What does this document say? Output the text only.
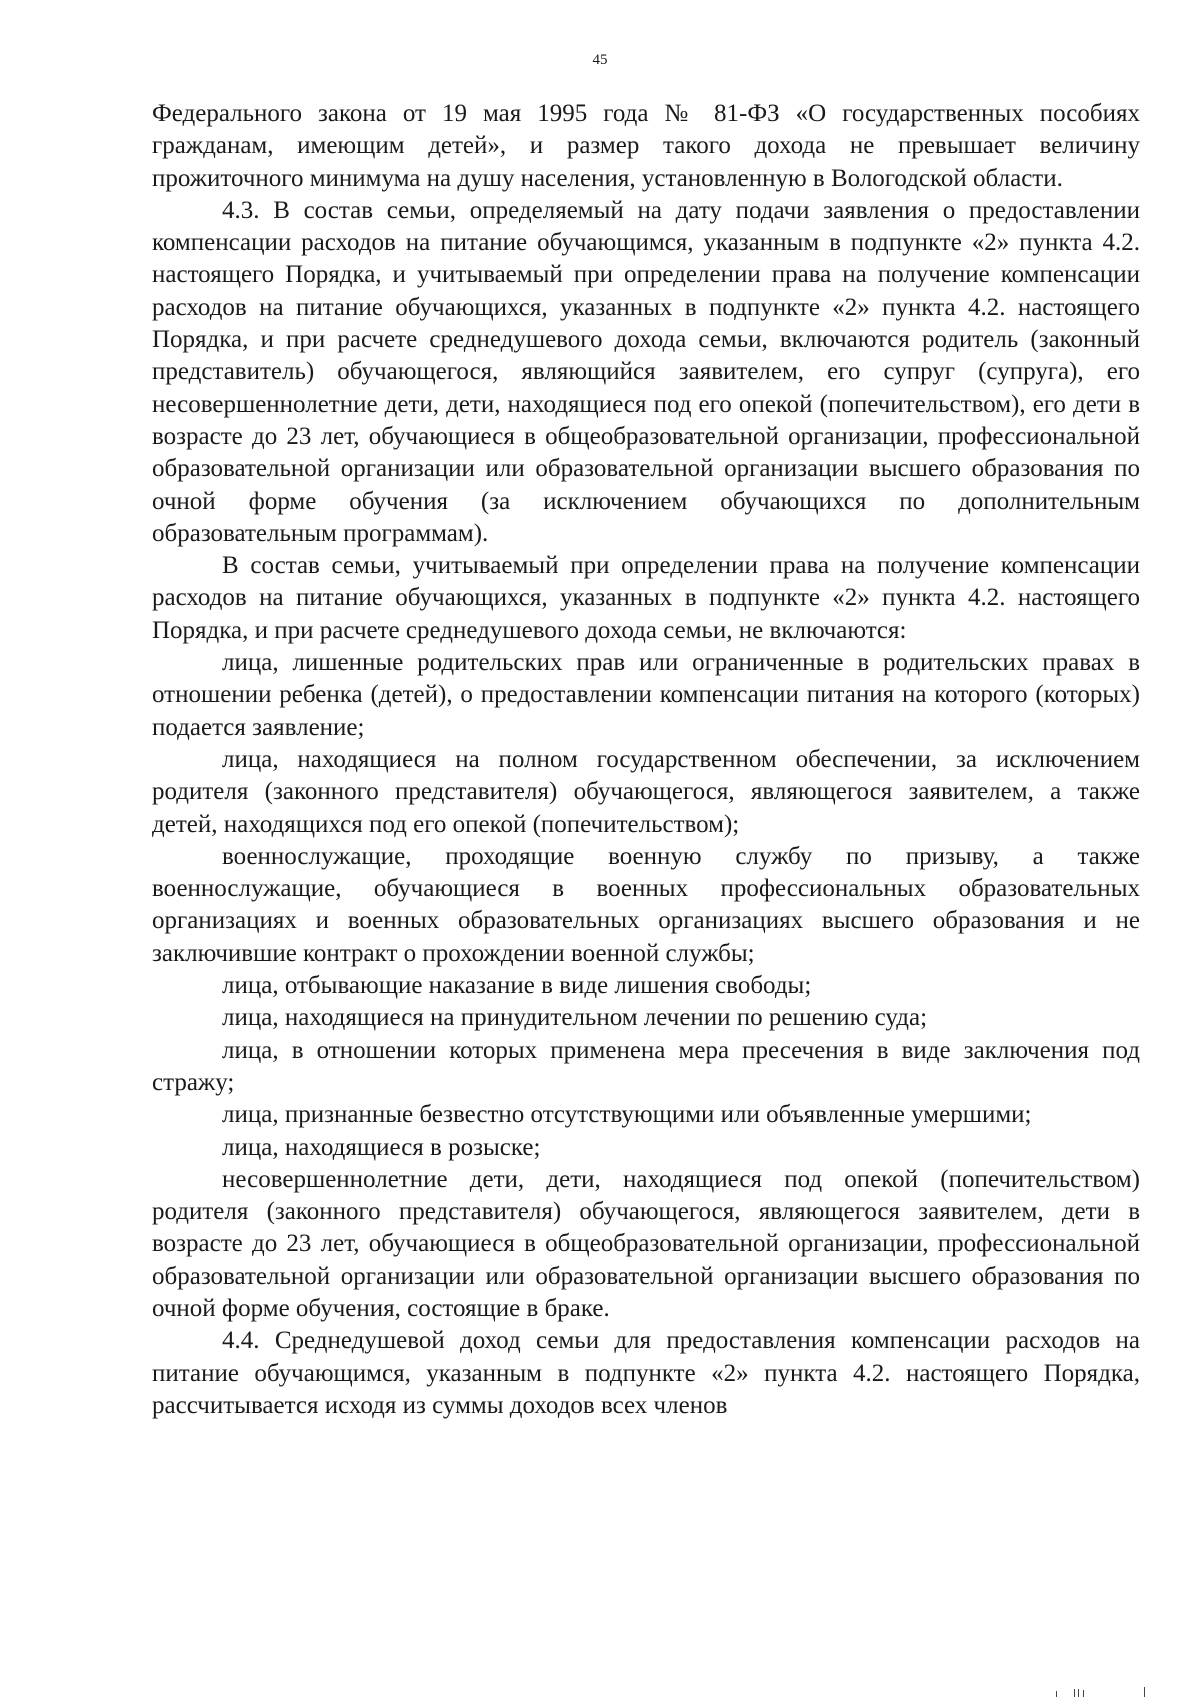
45

Федерального закона от 19 мая 1995 года № 81-ФЗ «О государственных пособиях гражданам, имеющим детей», и размер такого дохода не превышает величину прожиточного минимума на душу населения, установленную в Вологодской области.

4.3. В состав семьи, определяемый на дату подачи заявления о предоставлении компенсации расходов на питание обучающимся, указанным в подпункте «2» пункта 4.2. настоящего Порядка, и учитываемый при определении права на получение компенсации расходов на питание обучающихся, указанных в подпункте «2» пункта 4.2. настоящего Порядка, и при расчете среднедушевого дохода семьи, включаются родитель (законный представитель) обучающегося, являющийся заявителем, его супруг (супруга), его несовершеннолетние дети, дети, находящиеся под его опекой (попечительством), его дети в возрасте до 23 лет, обучающиеся в общеобразовательной организации, профессиональной образовательной организации или образовательной организации высшего образования по очной форме обучения (за исключением обучающихся по дополнительным образовательным программам).

В состав семьи, учитываемый при определении права на получение компенсации расходов на питание обучающихся, указанных в подпункте «2» пункта 4.2. настоящего Порядка, и при расчете среднедушевого дохода семьи, не включаются:

лица, лишенные родительских прав или ограниченные в родительских правах в отношении ребенка (детей), о предоставлении компенсации питания на которого (которых) подается заявление;

лица, находящиеся на полном государственном обеспечении, за исключением родителя (законного представителя) обучающегося, являющегося заявителем, а также детей, находящихся под его опекой (попечительством);

военнослужащие, проходящие военную службу по призыву, а также военнослужащие, обучающиеся в военных профессиональных образовательных организациях и военных образовательных организациях высшего образования и не заключившие контракт о прохождении военной службы;

лица, отбывающие наказание в виде лишения свободы;

лица, находящиеся на принудительном лечении по решению суда;

лица, в отношении которых применена мера пресечения в виде заключения под стражу;

лица, признанные безвестно отсутствующими или объявленные умершими;

лица, находящиеся в розыске;

несовершеннолетние дети, дети, находящиеся под опекой (попечительством) родителя (законного представителя) обучающегося, являющегося заявителем, дети в возрасте до 23 лет, обучающиеся в общеобразовательной организации, профессиональной образовательной организации или образовательной организации высшего образования по очной форме обучения, состоящие в браке.

4.4. Среднедушевой доход семьи для предоставления компенсации расходов на питание обучающимся, указанным в подпункте «2» пункта 4.2. настоящего Порядка, рассчитывается исходя из суммы доходов всех членов
